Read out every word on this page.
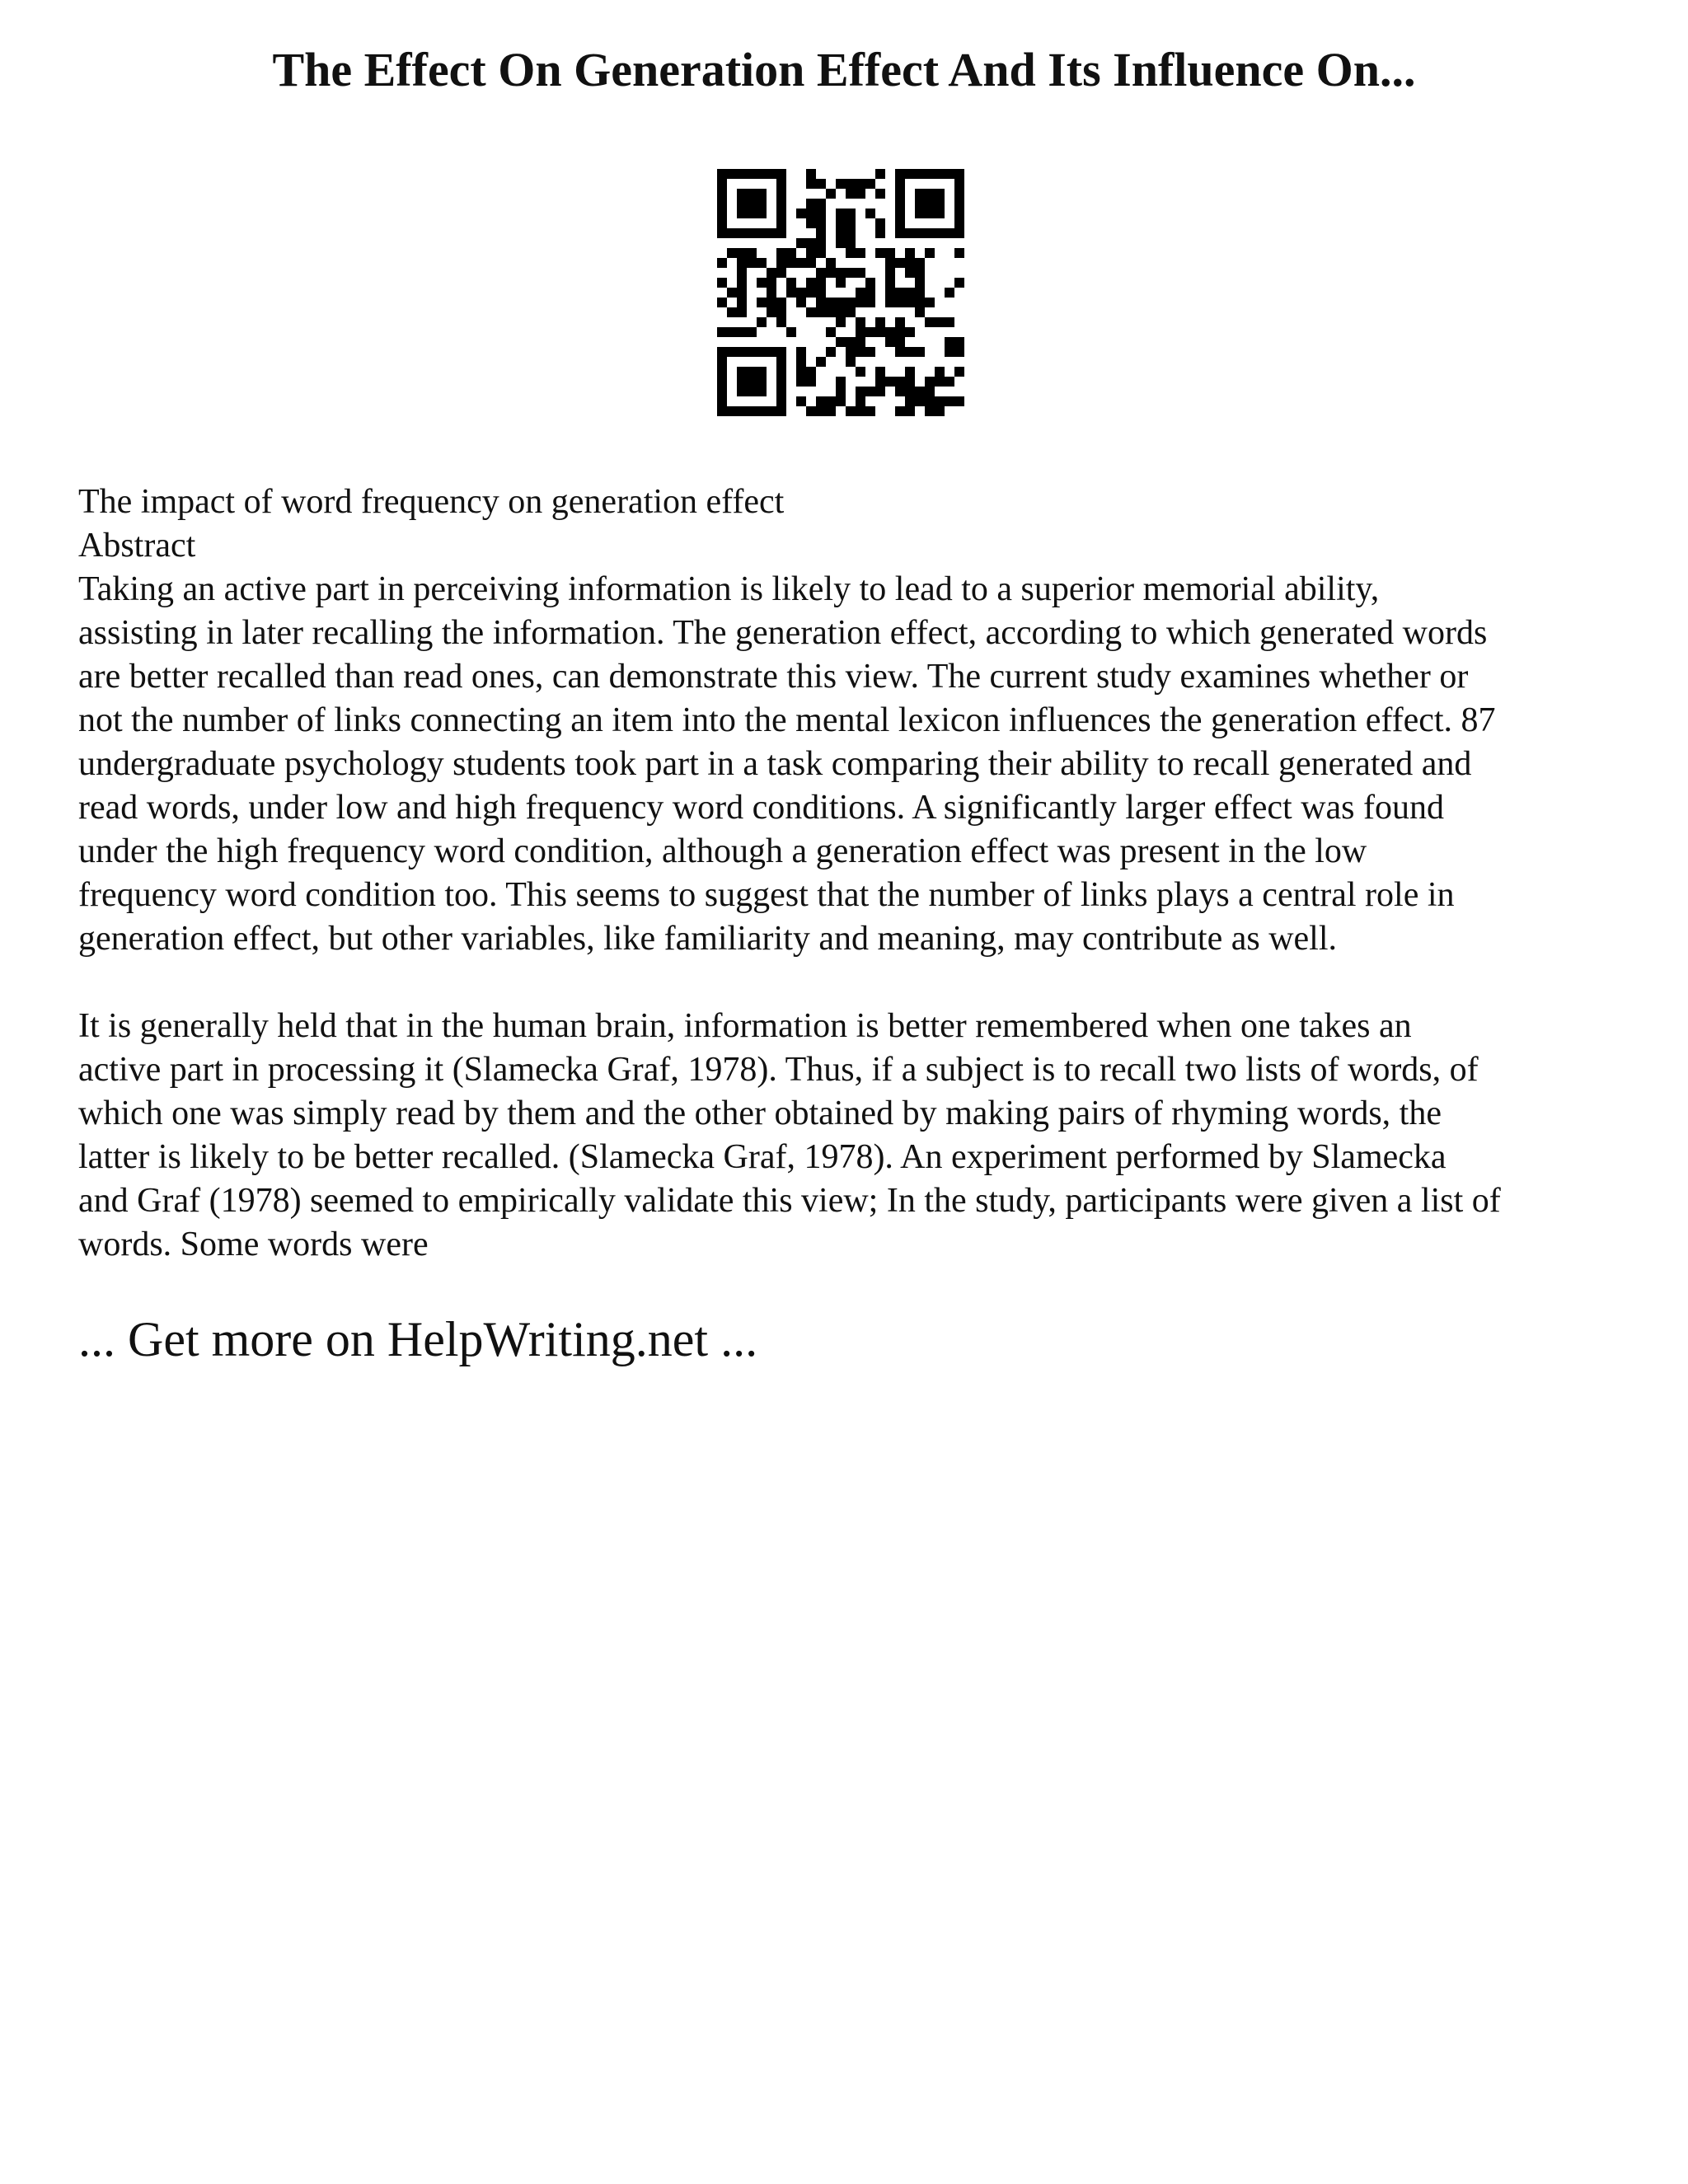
The Effect On Generation Effect And Its Influence On...

The impact of word frequency on generation effect

Abstract

Taking an active part in perceiving information is likely to lead to a superior memorial ability,
assisting in later recalling the information. The generation effect, according to which generated words
are better recalled than read ones, can demonstrate this view. The current study examines whether or
not the number of links connecting an item into the mental lexicon influences the generation effect. 87
undergraduate psychology students took part in a task comparing their ability to recall generated and
read words, under low and high frequency word conditions. A significantly larger effect was found
under the high frequency word condition, although a generation effect was present in the low
frequency word condition too. This seems to suggest that the number of links plays a central role in
generation effect, but other variables, like familiarity and meaning, may contribute as well.

It is generally held that in the human brain, information is better remembered when one takes an
active part in processing it (Slamecka Graf, 1978). Thus, if a subject is to recall two lists of words, of
which one was simply read by them and the other obtained by making pairs of rhyming words, the
latter is likely to be better recalled. (Slamecka Graf, 1978). An experiment performed by Slamecka
and Graf (1978) seemed to empirically validate this view; In the study, participants were given a list of
words. Some words were

... Get more on HelpWriting.net ...
